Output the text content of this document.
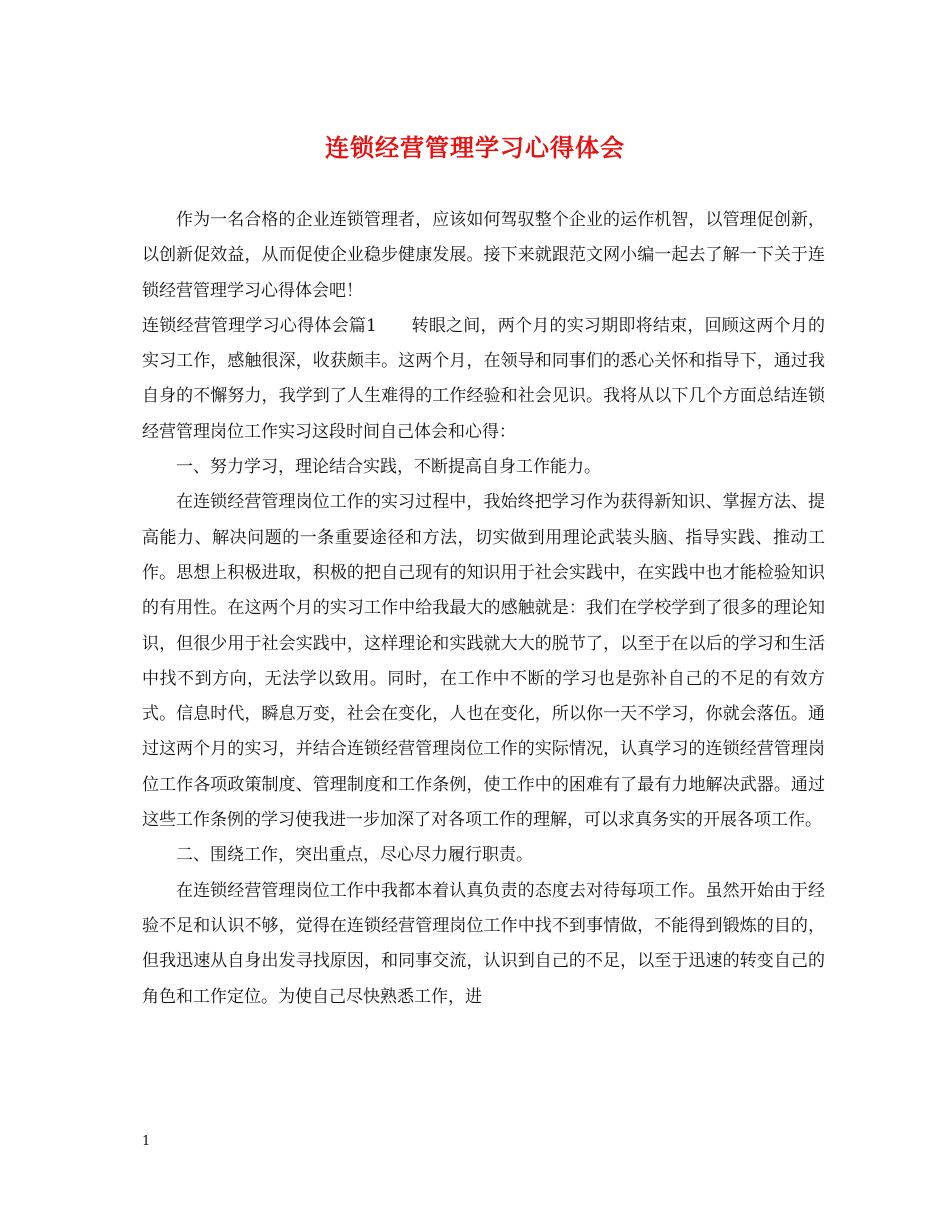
连锁经营管理学习心得体会

作为一名合格的企业连锁管理者，应该如何驾驭整个企业的运作机智，以管理促创新，以创新促效益，从而促使企业稳步健康发展。接下来就跟范文网小编一起去了解一下关于连锁经营管理学习心得体会吧！

连锁经营管理学习心得体会篇1　　转眼之间，两个月的实习期即将结束，回顾这两个月的实习工作，感触很深，收获颇丰。这两个月，在领导和同事们的悉心关怀和指导下，通过我自身的不懈努力，我学到了人生难得的工作经验和社会见识。我将从以下几个方面总结连锁经营管理岗位工作实习这段时间自己体会和心得：

一、努力学习，理论结合实践，不断提高自身工作能力。

在连锁经营管理岗位工作的实习过程中，我始终把学习作为获得新知识、掌握方法、提高能力、解决问题的一条重要途径和方法，切实做到用理论武装头脑、指导实践、推动工作。思想上积极进取，积极的把自己现有的知识用于社会实践中，在实践中也才能检验知识的有用性。在这两个月的实习工作中给我最大的感触就是：我们在学校学到了很多的理论知识，但很少用于社会实践中，这样理论和实践就大大的脱节了，以至于在以后的学习和生活中找不到方向，无法学以致用。同时，在工作中不断的学习也是弥补自己的不足的有效方式。信息时代，瞬息万变，社会在变化，人也在变化，所以你一天不学习，你就会落伍。通过这两个月的实习，并结合连锁经营管理岗位工作的实际情况，认真学习的连锁经营管理岗位工作各项政策制度、管理制度和工作条例，使工作中的困难有了最有力地解决武器。通过这些工作条例的学习使我进一步加深了对各项工作的理解，可以求真务实的开展各项工作。

二、围绕工作，突出重点，尽心尽力履行职责。

在连锁经营管理岗位工作中我都本着认真负责的态度去对待每项工作。虽然开始由于经验不足和认识不够，觉得在连锁经营管理岗位工作中找不到事情做，不能得到锻炼的目的，但我迅速从自身出发寻找原因，和同事交流，认识到自己的不足，以至于迅速的转变自己的角色和工作定位。为使自己尽快熟悉工作，进

1
